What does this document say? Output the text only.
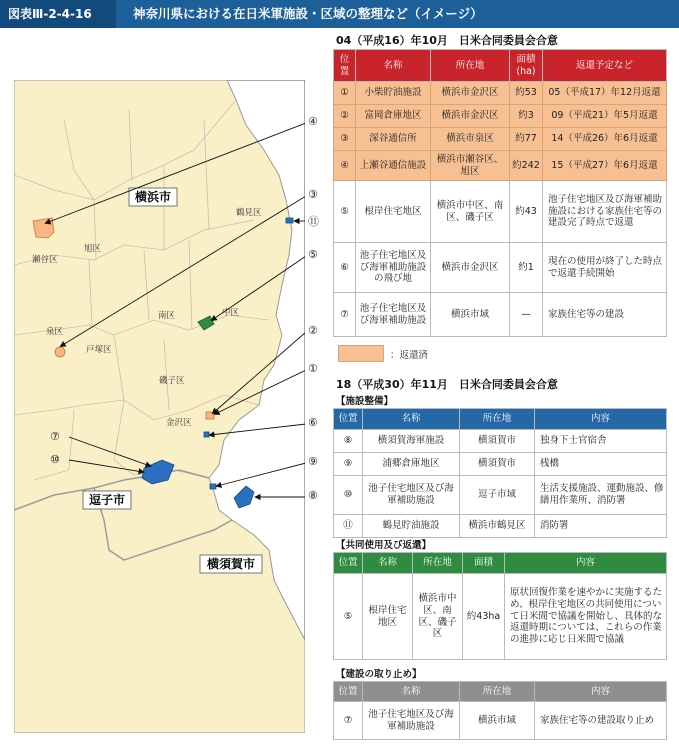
図表Ⅲ-2-4-16	神奈川県における在日米軍施設・区域の整理など（イメージ）
横浜市
逗子市
横須賀市
鶴見区
旭区
瀬谷区
泉区
戸塚区
南区	中区
磯子区
金沢区
④
③
⑪
⑤
②
①
⑥
⑨
⑧
⑦
⑩
04（平成16）年10月　日米合同委員会合意
位置	名称	所在地	面積(ha)	返還予定など
①	小柴貯油施設	横浜市金沢区	約53	05（平成17）年12月返還
②	富岡倉庫地区	横浜市金沢区	約3	09（平成21）年5月返還
③	深谷通信所	横浜市泉区	約77	14（平成26）年6月返還
④	上瀬谷通信施設	横浜市瀬谷区、旭区	約242	15（平成27）年6月返還
⑤	根岸住宅地区	横浜市中区、南区、磯子区	約43	池子住宅地区及び海軍補助施設における家族住宅等の建設完了時点で返還
⑥	池子住宅地区及び海軍補助施設の飛び地	横浜市金沢区	約1	現在の使用が終了した時点で返還手続開始
⑦	池子住宅地区及び海軍補助施設	横浜市域	—	家族住宅等の建設
：返還済
18（平成30）年11月　日米合同委員会合意
【施設整備】
位置	名称	所在地	内容
⑧	横須賀海軍施設	横須賀市	独身下士官宿舎
⑨	浦郷倉庫地区	横須賀市	桟橋
⑩	池子住宅地区及び海軍補助施設	逗子市域	生活支援施設、運動施設、修繕用作業所、消防署
⑪	鶴見貯油施設	横浜市鶴見区	消防署
【共同使用及び返還】
位置	名称	所在地	面積	内容
⑤	根岸住宅地区	横浜市中区、南区、磯子区	約43ha	原状回復作業を速やかに実施するため、根岸住宅地区の共同使用について日米間で協議を開始し、具体的な返還時期については、これらの作業の進捗に応じ日米間で協議
【建設の取り止め】
位置	名称	所在地	内容
⑦	池子住宅地区及び海軍補助施設	横浜市域	家族住宅等の建設取り止め
